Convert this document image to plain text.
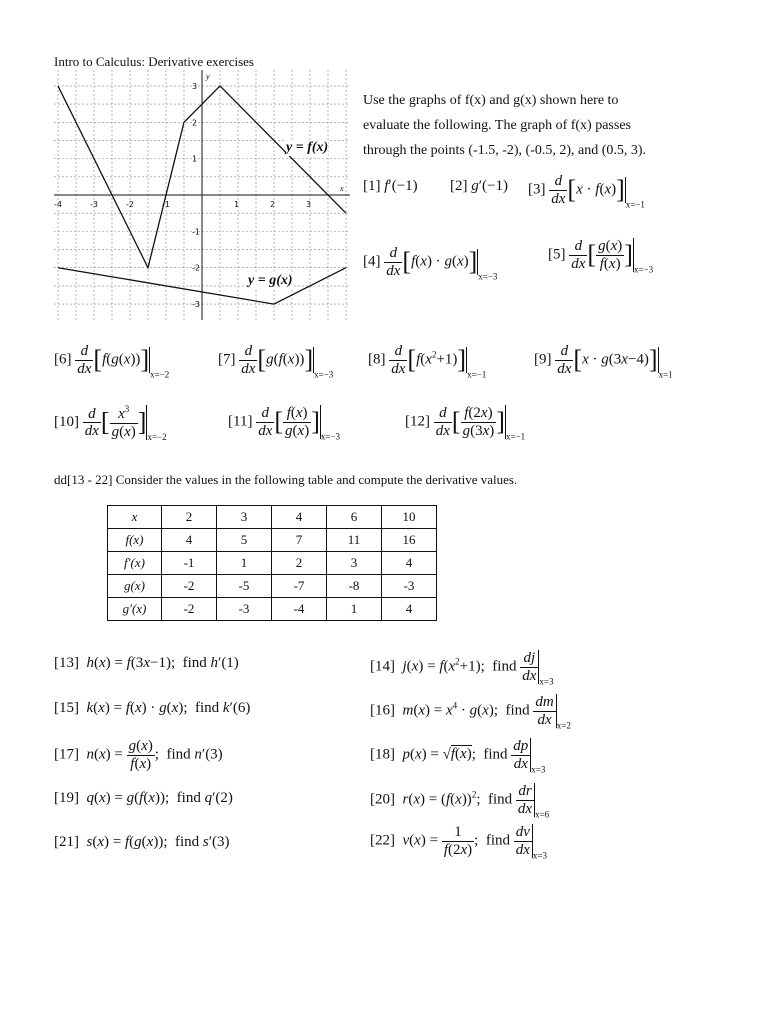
Intro to Calculus: Derivative exercises
-4	-3	-2	-1	1	2	3
3
2
1
-1
-2
-3
x
y
y = f(x)
y = g(x)
Use the graphs of f(x) and g(x) shown here to
evaluate the following. The graph of f(x) passes
through the points (-1.5, -2), (-0.5, 2), and (0.5, 3).
[1] f′(−1) [2] g′(−1) $[3] \frac{d}{dx} [x \cdot f(x)]_{x=-1}$
$[4] \frac{d}{dx} [f(x) \cdot g(x)]_{x=-3}$
$[5] \frac{d}{dx}$ [ $\frac{g(x)}{f(x)} ]_{x=-3}$
$[6] \frac{d}{dx} [f(g(x))]_{x=-2}$
$[7] \frac{d}{dx} [g(f(x))]_{x=-3}$
$[8] \frac{d}{dx} [f(x^2+1)]_{x=-1}$
$[9] \frac{d}{dx} [x \cdot g(3x-4)]_{x=1}$
$[10] \frac{d}{dx}$ [ $\frac{x^3}{g(x)} ]_{x=-2}$
$[11] \frac{d}{dx}$ [ $\frac{f(x)}{g(x)} ]_{x=-3}$
$[12] \frac{d}{dx}$ [ $\frac{f(2x)}{g(3x)} ]_{x=-1}$
dd[13 - 22] Consider the values in the following table and compute the derivative values.
x	2	3	4	6	10
f(x)	4	5	7	11	16
f′(x)	-1	1	2	3	4
g(x)	-2	-5	-7	-8	-3
g′(x)	-2	-3	-4	1	4
[13] h(x) = f(3x−1);  find h′(1)	[14] $j(x) = f(x^2+1)$;  find $\frac{dj}{dx} _{x=3}$
[15] k(x) = f(x) · g(x);  find k′(6)	[16] $m(x) = x^4 \cdot g(x)$;  find $\frac{dm}{dx} _{x=2}$
[17] $n(x) = \frac{g(x)}{f(x)}$ ;  find n′(3)	[18] p(x) = √f(x);  find $\frac{dp}{dx} _{x=3}$
[19] q(x) = g(f(x));  find q′(2)	[20] $r(x) = (f(x))^2$;  find $\frac{dr}{dx} _{x=6}$
[21] s(x) = f(g(x));  find s′(3)	[22] $v(x) = \frac{1}{f(2x)}$ ;  find $\frac{dv}{dx} _{x=3}$
